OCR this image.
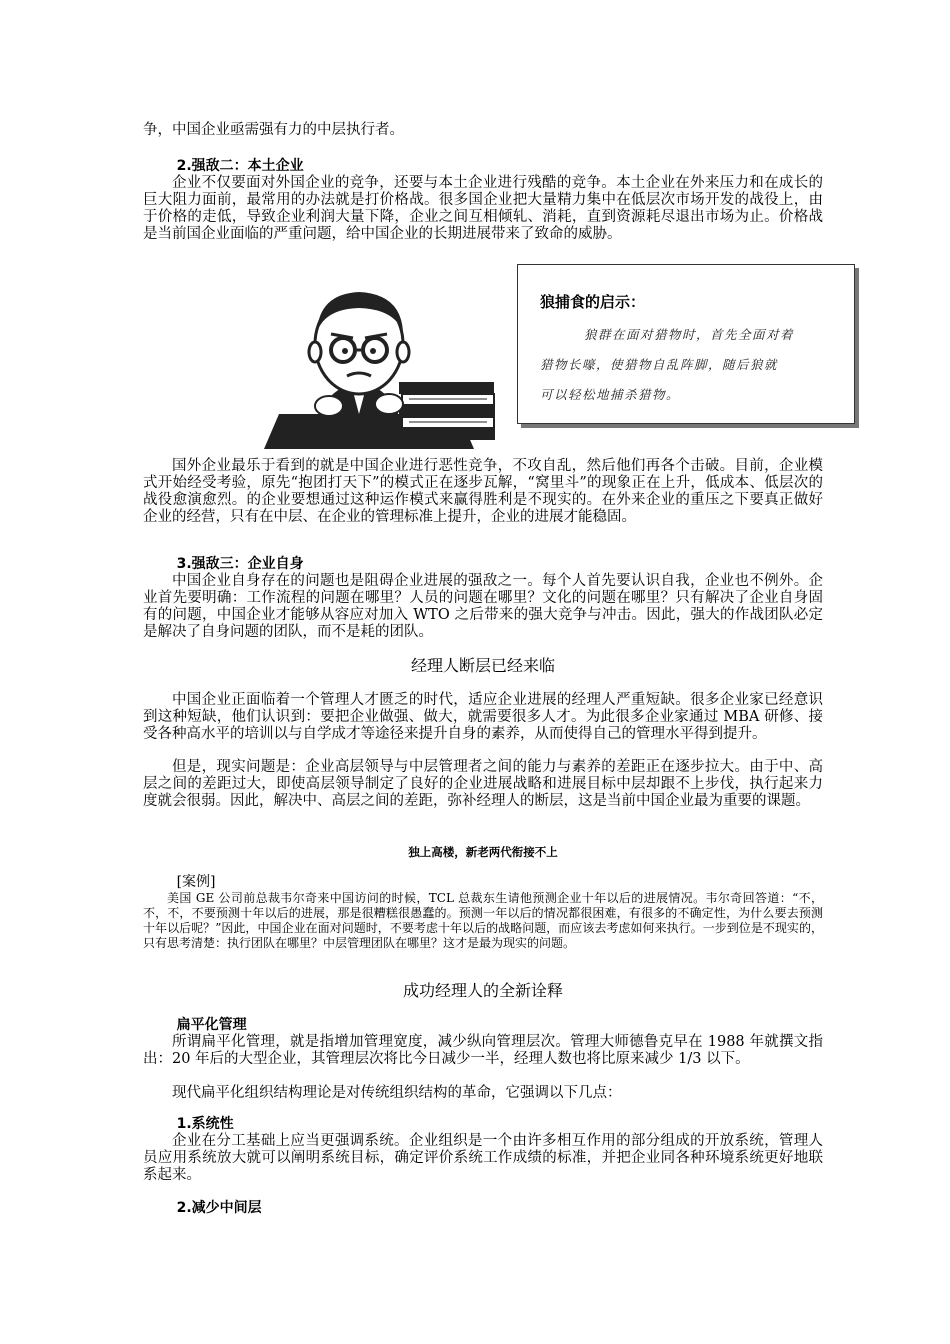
争，中国企业亟需强有力的中层执行者。

2.强敌二：本土企业

企业不仅要面对外国企业的竞争，还要与本土企业进行残酷的竞争。本土企业在外来压力和在成长的巨大阻力面前，最常用的办法就是打价格战。很多国企业把大量精力集中在低层次市场开发的战役上，由于价格的走低，导致企业利润大量下降，企业之间互相倾轧、消耗，直到资源耗尽退出市场为止。价格战是当前国企业面临的严重问题，给中国企业的长期进展带来了致命的威胁。

狼捕食的启示：
狼群在面对猎物时，首先全面对着
猎物长嚎，使猎物自乱阵脚，随后狼就
可以轻松地捕杀猎物。

国外企业最乐于看到的就是中国企业进行恶性竞争，不攻自乱，然后他们再各个击破。目前，企业模式开始经受考验，原先“抱团打天下”的模式正在逐步瓦解，“窝里斗”的现象正在上升，低成本、低层次的战役愈演愈烈。的企业要想通过这种运作模式来赢得胜利是不现实的。在外来企业的重压之下要真正做好企业的经营，只有在中层、在企业的管理标准上提升，企业的进展才能稳固。

3.强敌三：企业自身

中国企业自身存在的问题也是阻碍企业进展的强敌之一。每个人首先要认识自我，企业也不例外。企业首先要明确：工作流程的问题在哪里？人员的问题在哪里？文化的问题在哪里？只有解决了企业自身固有的问题，中国企业才能够从容应对加入 WTO 之后带来的强大竞争与冲击。因此，强大的作战团队必定是解决了自身问题的团队，而不是耗的团队。

经理人断层已经来临

中国企业正面临着一个管理人才匮乏的时代，适应企业进展的经理人严重短缺。很多企业家已经意识到这种短缺，他们认识到：要把企业做强、做大，就需要很多人才。为此很多企业家通过 MBA 研修、接受各种高水平的培训以与自学成才等途径来提升自身的素养，从而使得自己的管理水平得到提升。

但是，现实问题是：企业高层领导与中层管理者之间的能力与素养的差距正在逐步拉大。由于中、高层之间的差距过大，即使高层领导制定了良好的企业进展战略和进展目标中层却跟不上步伐，执行起来力度就会很弱。因此，解决中、高层之间的差距，弥补经理人的断层，这是当前中国企业最为重要的课题。

独上高楼，新老两代衔接不上
[案例]

美国 GE 公司前总裁韦尔奇来中国访问的时候，TCL 总裁东生请他预测企业十年以后的进展情况。韦尔奇回答道：“不，不，不，不要预测十年以后的进展，那是很糟糕很愚蠢的。预测一年以后的情况都很困难，有很多的不确定性，为什么要去预测十年以后呢？”因此，中国企业在面对问题时，不要考虑十年以后的战略问题，而应该去考虑如何来执行。一步到位是不现实的，只有思考清楚：执行团队在哪里？中层管理团队在哪里？这才是最为现实的问题。

成功经理人的全新诠释
扁平化管理

所谓扁平化管理，就是指增加管理宽度，减少纵向管理层次。管理大师德鲁克早在 1988 年就撰文指出：20 年后的大型企业，其管理层次将比今日减少一半，经理人数也将比原来减少 1/3 以下。

现代扁平化组织结构理论是对传统组织结构的革命，它强调以下几点：

1.系统性

企业在分工基础上应当更强调系统。企业组织是一个由许多相互作用的部分组成的开放系统，管理人员应用系统放大就可以阐明系统目标，确定评价系统工作成绩的标准，并把企业同各种环境系统更好地联系起来。

2.减少中间层
